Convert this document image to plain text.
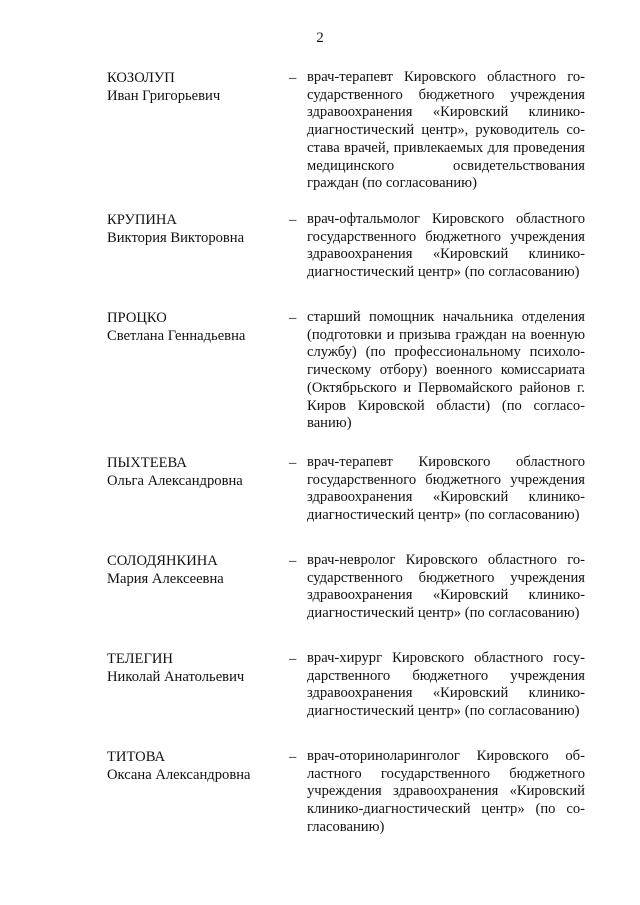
2
КОЗОЛУП
Иван Григорьевич
– врач-терапевт Кировского областного государственного бюджетного учреждения здравоохранения «Кировский клинико-диагностический центр», руководитель состава врачей, привлекаемых для проведения медицинского освидетельствования граждан (по согласованию)
КРУПИНА
Виктория Викторовна
– врач-офтальмолог Кировского областного государственного бюджетного учреждения здравоохранения «Кировский клинико-диагностический центр» (по согласованию)
ПРОЦКО
Светлана Геннадьевна
– старший помощник начальника отделения (подготовки и призыва граждан на военную службу) (по профессиональному психологическому отбору) военного комиссариата (Октябрьского и Первомайского районов г. Киров Кировской области) (по согласованию)
ПЫХТЕЕВА
Ольга Александровна
– врач-терапевт Кировского областного государственного бюджетного учреждения здравоохранения «Кировский клинико-диагностический центр» (по согласованию)
СОЛОДЯНКИНА
Мария Алексеевна
– врач-невролог Кировского областного государственного бюджетного учреждения здравоохранения «Кировский клинико-диагностический центр» (по согласованию)
ТЕЛЕГИН
Николай Анатольевич
– врач-хирург Кировского областного государственного бюджетного учреждения здравоохранения «Кировский клинико-диагностический центр» (по согласованию)
ТИТОВА
Оксана Александровна
– врач-оториноларинголог Кировского областного государственного бюджетного учреждения здравоохранения «Кировский клинико-диагностический центр» (по согласованию)
